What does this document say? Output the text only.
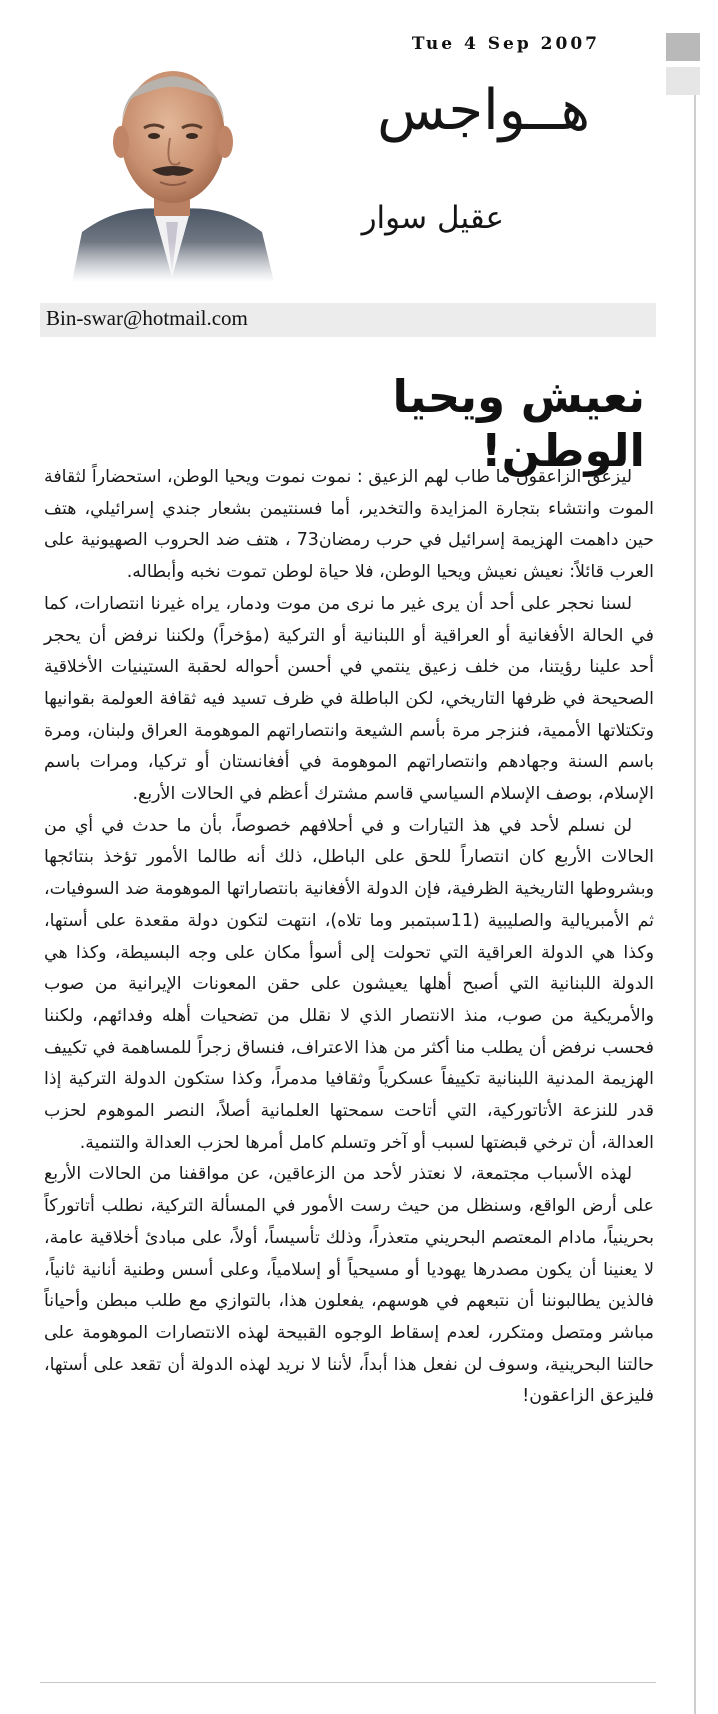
Tue 4 Sep 2007
هــواجس
عقيل سوار
Bin-swar@hotmail.com
نعيش ويحيا الوطن!

ليزعق الزاعقون ما طاب لهم الزعيق : نموت نموت ويحيا الوطن، استحضاراً لثقافة الموت وانتشاء بتجارة المزايدة والتخدير، أما فسنتيمن بشعار جندي إسرائيلي، هتف حين داهمت الهزيمة إسرائيل في حرب رمضان73 ، هتف ضد الحروب الصهيونية على العرب قائلاً: نعيش نعيش ويحيا الوطن، فلا حياة لوطن تموت نخبه وأبطاله.

لسنا نحجر على أحد أن يرى غير ما نرى من موت ودمار، يراه غيرنا انتصارات، كما في الحالة الأفغانية أو العراقية أو اللبنانية أو التركية (مؤخراً) ولكننا نرفض أن يحجر أحد علينا رؤيتنا، من خلف زعيق ينتمي في أحسن أحواله لحقبة الستينيات الأخلاقية الصحيحة في ظرفها التاريخي، لكن الباطلة في ظرف تسيد فيه ثقافة العولمة بقوانيها وتكتلاتها الأممية، فنزجر مرة بأسم الشيعة وانتصاراتهم الموهومة العراق ولبنان، ومرة باسم السنة وجهادهم وانتصاراتهم الموهومة في أفغانستان أو تركيا، ومرات باسم الإسلام، بوصف الإسلام السياسي قاسم مشترك أعظم في الحالات الأربع.

لن نسلم لأحد في هذ التيارات و في أحلافهم خصوصاً، بأن ما حدث في أي من الحالات الأربع كان انتصاراً للحق على الباطل، ذلك أنه طالما الأمور تؤخذ بنتائجها وبشروطها التاريخية الظرفية، فإن الدولة الأفغانية بانتصاراتها الموهومة ضد السوفيات، ثم الأمبريالية والصليبية (11سبتمبر وما تلاه)، انتهت لتكون دولة مقعدة على أستها، وكذا هي الدولة العراقية التي تحولت إلى أسوأ مكان على وجه البسيطة، وكذا هي الدولة اللبنانية التي أصبح أهلها يعيشون على حقن المعونات الإيرانية من صوب والأمريكية من صوب، منذ الانتصار الذي لا نقلل من تضحيات أهله وفدائهم، ولكننا فحسب نرفض أن يطلب منا أكثر من هذا الاعتراف، فنساق زجراً للمساهمة في تكييف الهزيمة المدنية اللبنانية تكييفاً عسكرياً وثقافيا مدمراً، وكذا ستكون الدولة التركية إذا قدر للنزعة الأتاتوركية، التي أتاحت سمحتها العلمانية أصلاً، النصر الموهوم لحزب العدالة، أن ترخي قبضتها لسبب أو آخر وتسلم كامل أمرها لحزب العدالة والتنمية.

لهذه الأسباب مجتمعة، لا نعتذر لأحد من الزعاقين، عن مواقفنا من الحالات الأربع على أرض الواقع، وسنظل من حيث رست الأمور في المسألة التركية، نطلب أتاتوركاً بحرينياً، مادام المعتصم البحريني متعذراً، وذلك تأسيساً، أولاً، على مبادئ أخلاقية عامة، لا يعنينا أن يكون مصدرها يهوديا أو مسيحياً أو إسلامياً، وعلى أسس وطنية أنانية ثانياً، فالذين يطالبوننا أن نتبعهم في هوسهم، يفعلون هذا، بالتوازي مع طلب مبطن وأحياناً مباشر ومتصل ومتكرر، لعدم إسقاط الوجوه القبيحة لهذه الانتصارات الموهومة على حالتنا البحرينية، وسوف لن نفعل هذا أبداً، لأننا لا نريد لهذه الدولة أن تقعد على أستها، فليزعق الزاعقون!
